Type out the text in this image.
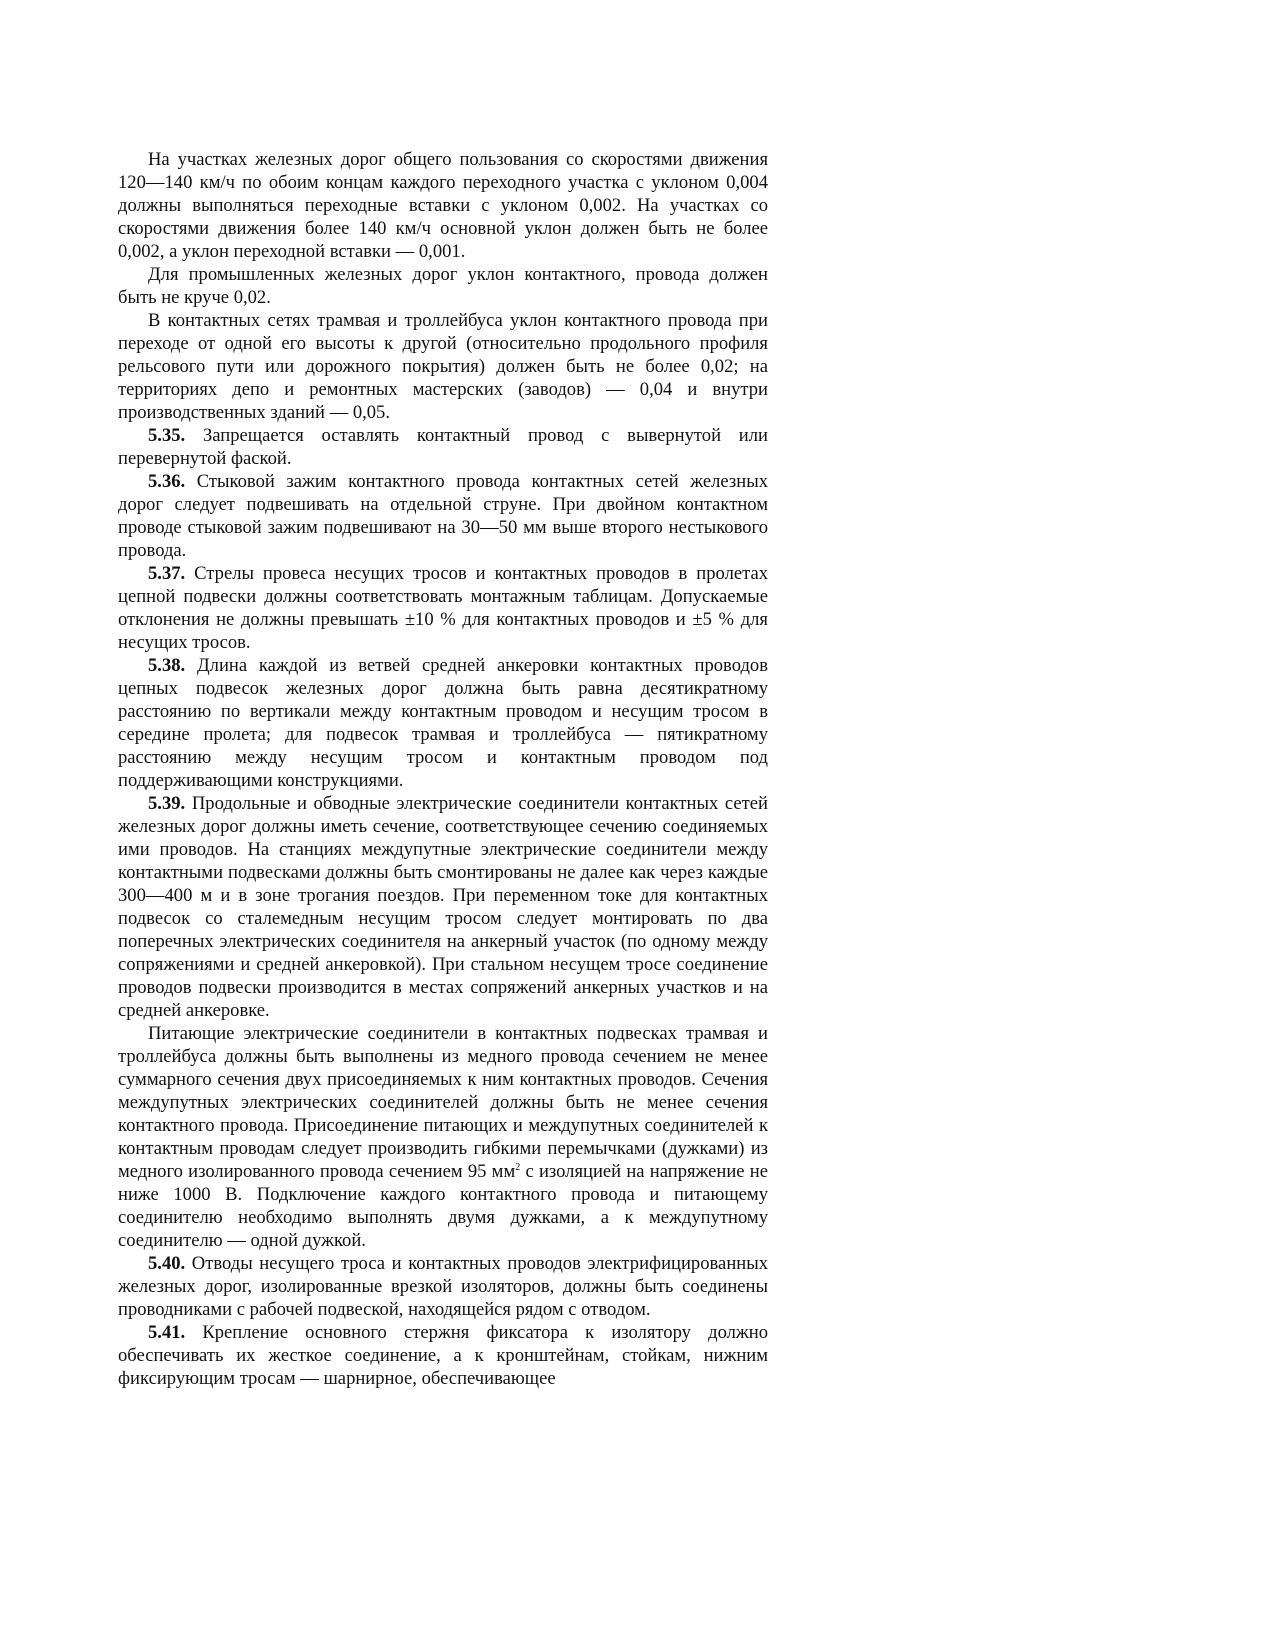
На участках железных дорог общего пользования со скоростями движения 120—140 км/ч по обоим концам каждого переходного участка с уклоном 0,004 должны выполняться переходные вставки с уклоном 0,002. На участках со скоростями движения более 140 км/ч основной уклон должен быть не более 0,002, а уклон переходной вставки — 0,001.

Для промышленных железных дорог уклон контактного, провода должен быть не круче 0,02.

В контактных сетях трамвая и троллейбуса уклон контактного провода при переходе от одной его высоты к другой (относительно продольного профиля рельсового пути или дорожного покрытия) должен быть не более 0,02; на территориях депо и ремонтных мастерских (заводов) — 0,04 и внутри производственных зданий — 0,05.

5.35. Запрещается оставлять контактный провод с вывернутой или перевернутой фаской.

5.36. Стыковой зажим контактного провода контактных сетей железных дорог следует подвешивать на отдельной струне. При двойном контактном проводе стыковой зажим подвешивают на 30—50 мм выше второго нестыкового провода.

5.37. Стрелы провеса несущих тросов и контактных проводов в пролетах цепной подвески должны соответствовать монтажным таблицам. Допускаемые отклонения не должны превышать ±10 % для контактных проводов и ±5 % для несущих тросов.

5.38. Длина каждой из ветвей средней анкеровки контактных проводов цепных подвесок железных дорог должна быть равна десятикратному расстоянию по вертикали между контактным проводом и несущим тросом в середине пролета; для подвесок трамвая и троллейбуса — пятикратному расстоянию между несущим тросом и контактным проводом под поддерживающими конструкциями.

5.39. Продольные и обводные электрические соединители контактных сетей железных дорог должны иметь сечение, соответствующее сечению соединяемых ими проводов. На станциях междупутные электрические соединители между контактными подвесками должны быть смонтированы не далее как через каждые 300—400 м и в зоне трогания поездов. При переменном токе для контактных подвесок со сталемедным несущим тросом следует монтировать по два поперечных электрических соединителя на анкерный участок (по одному между сопряжениями и средней анкеровкой). При стальном несущем тросе соединение проводов подвески производится в местах сопряжений анкерных участков и на средней анкеровке.

Питающие электрические соединители в контактных подвесках трамвая и троллейбуса должны быть выполнены из медного провода сечением не менее суммарного сечения двух присоединяемых к ним контактных проводов. Сечения междупутных электрических соединителей должны быть не менее сечения контактного провода. Присоединение питающих и междупутных соединителей к контактным проводам следует производить гибкими перемычками (дужками) из медного изолированного провода сечением 95 $мм^2$ с изоляцией на напряжение не ниже 1000 В. Подключение каждого контактного провода и питающему соединителю необходимо выполнять двумя дужками, а к междупутному соединителю — одной дужкой.

5.40. Отводы несущего троса и контактных проводов электрифицированных железных дорог, изолированные врезкой изоляторов, должны быть соединены проводниками с рабочей подвеской, находящейся рядом с отводом.

5.41. Крепление основного стержня фиксатора к изолятору должно обеспечивать их жесткое соединение, а к кронштейнам, стойкам, нижним фиксирующим тросам — шарнирное, обеспечивающее
